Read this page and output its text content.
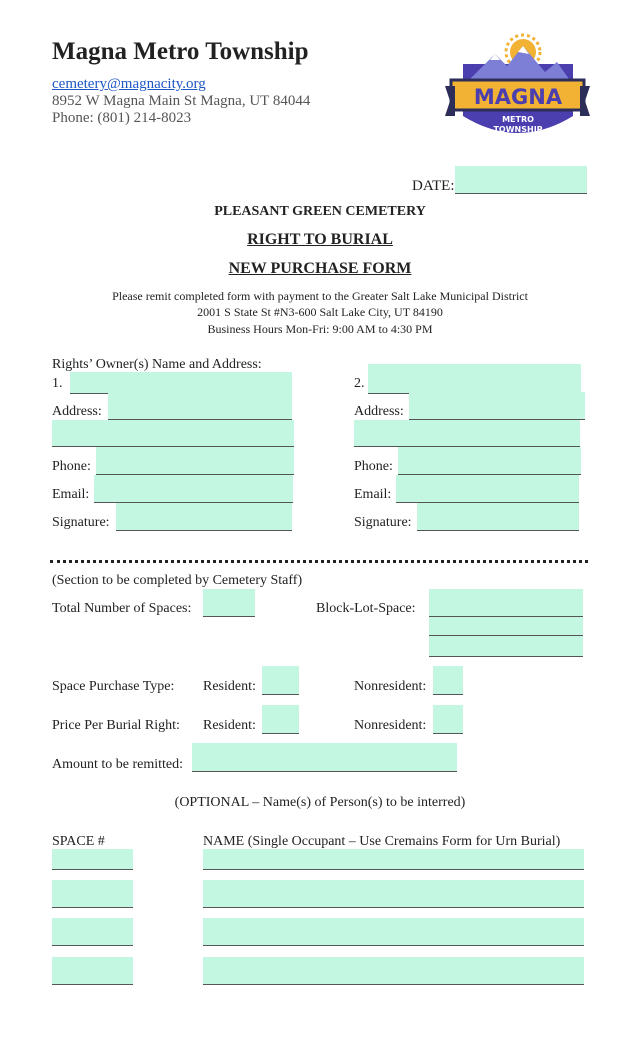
Magna Metro Township
cemetery@magnacity.org
8952 W Magna Main St Magna, UT 84044
Phone: (801) 214-8023
MAGNA
METRO
TOWNSHIP
DATE:
PLEASANT GREEN CEMETERY
RIGHT TO BURIAL
NEW PURCHASE FORM
Please remit completed form with payment to the Greater Salt Lake Municipal District
2001 S State St #N3-600 Salt Lake City, UT 84190
Business Hours Mon-Fri: 9:00 AM to 4:30 PM
Rights’ Owner(s) Name and Address:
1.
Address:
Phone:
Email:
Signature:
2.
Address:
Phone:
Email:
Signature:
(Section to be completed by Cemetery Staff)
Total Number of Spaces:	Block-Lot-Space:
Space Purchase Type: Resident:	Nonresident:
Price Per Burial Right: Resident:	Nonresident:
Amount to be remitted:
(OPTIONAL – Name(s) of Person(s) to be interred)
SPACE #	NAME (Single Occupant – Use Cremains Form for Urn Burial)
